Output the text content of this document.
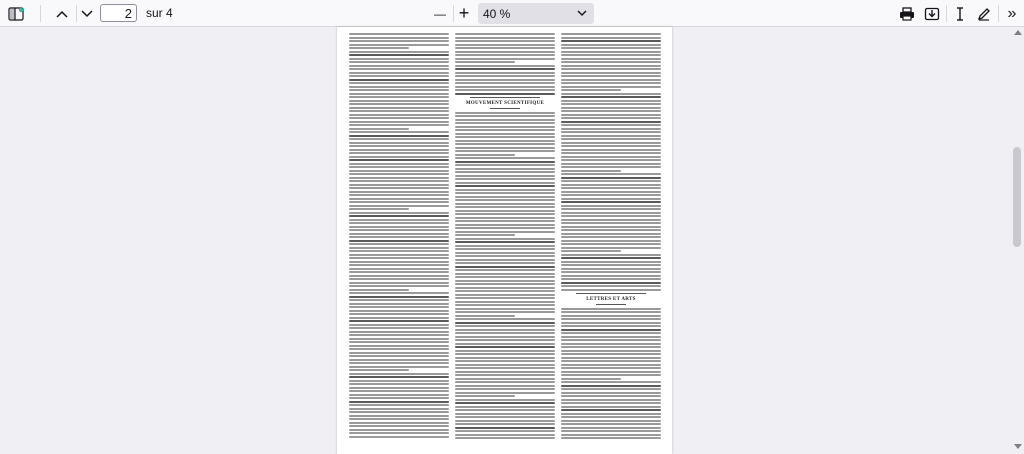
2
sur 4	— + 40 %	»
MOUVEMENT SCIENTIFIQUE
LETTRES ET ARTS
